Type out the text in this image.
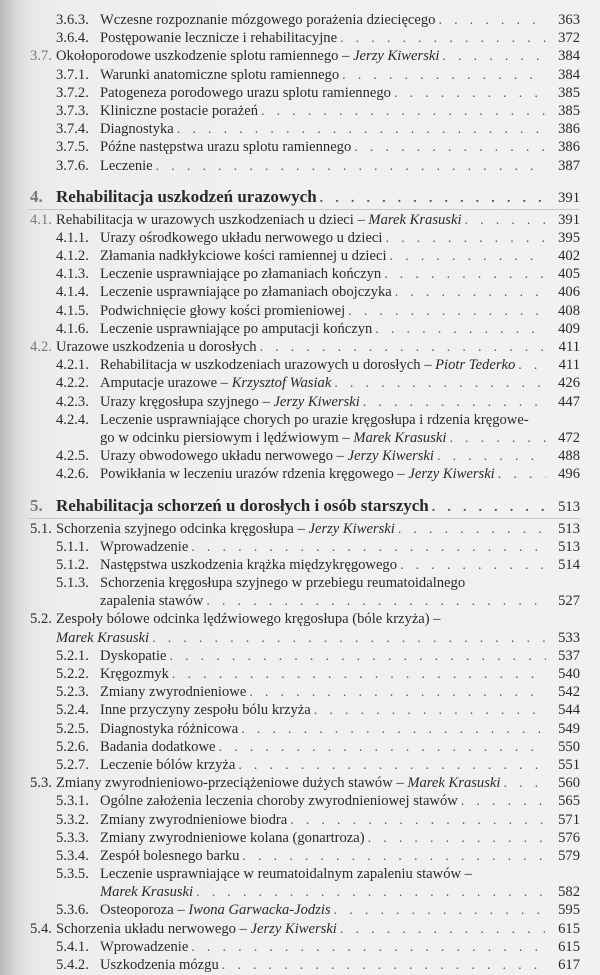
3.6.3. Wczesne rozpoznanie mózgowego porażenia dziecięcego . . .	363
3.6.4. Postępowanie lecznicze i rehabilitacyjne . . .	372
3.7. Okołoporodowe uszkodzenie splotu ramiennego – Jerzy Kiwerski . . .	384
3.7.1. Warunki anatomiczne splotu ramiennego . . .	384
3.7.2. Patogeneza porodowego urazu splotu ramiennego . . .	385
3.7.3. Kliniczne postacie porażeń . . .	385
3.7.4. Diagnostyka . . .	386
3.7.5. Późne następstwa urazu splotu ramiennego . . .	386
3.7.6. Leczenie . . .	387
4. Rehabilitacja uszkodzeń urazowych . . .	391
4.1. Rehabilitacja w urazowych uszkodzeniach u dzieci – Marek Krasuski . . .	391
4.1.1. Urazy ośrodkowego układu nerwowego u dzieci . . .	395
4.1.2. Złamania nadkłykciowe kości ramiennej u dzieci . . .	402
4.1.3. Leczenie usprawniające po złamaniach kończyn . . .	405
4.1.4. Leczenie usprawniające po złamaniach obojczyka . . .	406
4.1.5. Podwichnięcie głowy kości promieniowej . . .	408
4.1.6. Leczenie usprawniające po amputacji kończyn . . .	409
4.2. Urazowe uszkodzenia u dorosłych . . .	411
4.2.1. Rehabilitacja w uszkodzeniach urazowych u dorosłych – Piotr Tederko . . .	411
4.2.2. Amputacje urazowe – Krzysztof Wasiak . . .	426
4.2.3. Urazy kręgosłupa szyjnego – Jerzy Kiwerski . . .	447
4.2.4. Leczenie usprawniające chorych po urazie kręgosłupa i rdzenia kręgowe-
go w odcinku piersiowym i lędźwiowym – Marek Krasuski . . .	472
4.2.5. Urazy obwodowego układu nerwowego – Jerzy Kiwerski . . .	488
4.2.6. Powikłania w leczeniu urazów rdzenia kręgowego – Jerzy Kiwerski . . .	496
5. Rehabilitacja schorzeń u dorosłych i osób starszych . . .	513
5.1. Schorzenia szyjnego odcinka kręgosłupa – Jerzy Kiwerski . . .	513
5.1.1. Wprowadzenie . . .	513
5.1.2. Następstwa uszkodzenia krążka międzykręgowego . . .	514
5.1.3. Schorzenia kręgosłupa szyjnego w przebiegu reumatoidalnego
zapalenia stawów . . .	527
5.2. Zespoły bólowe odcinka lędźwiowego kręgosłupa (bóle krzyża) –
Marek Krasuski . . .	533
5.2.1. Dyskopatie . . .	537
5.2.2. Kręgozmyk . . .	540
5.2.3. Zmiany zwyrodnieniowe . . .	542
5.2.4. Inne przyczyny zespołu bólu krzyża . . .	544
5.2.5. Diagnostyka różnicowa . . .	549
5.2.6. Badania dodatkowe . . .	550
5.2.7. Leczenie bólów krzyża . . .	551
5.3. Zmiany zwyrodnieniowo-przeciążeniowe dużych stawów – Marek Krasuski . . .	560
5.3.1. Ogólne założenia leczenia choroby zwyrodnieniowej stawów . . .	565
5.3.2. Zmiany zwyrodnieniowe biodra . . .	571
5.3.3. Zmiany zwyrodnieniowe kolana (gonartroza) . . .	576
5.3.4. Zespół bolesnego barku . . .	579
5.3.5. Leczenie usprawniające w reumatoidalnym zapaleniu stawów –
Marek Krasuski . . .	582
5.3.6. Osteoporoza – Iwona Garwacka-Jodzis . . .	595
5.4. Schorzenia układu nerwowego – Jerzy Kiwerski . . .	615
5.4.1. Wprowadzenie . . .	615
5.4.2. Uszkodzenia mózgu . . .	617
